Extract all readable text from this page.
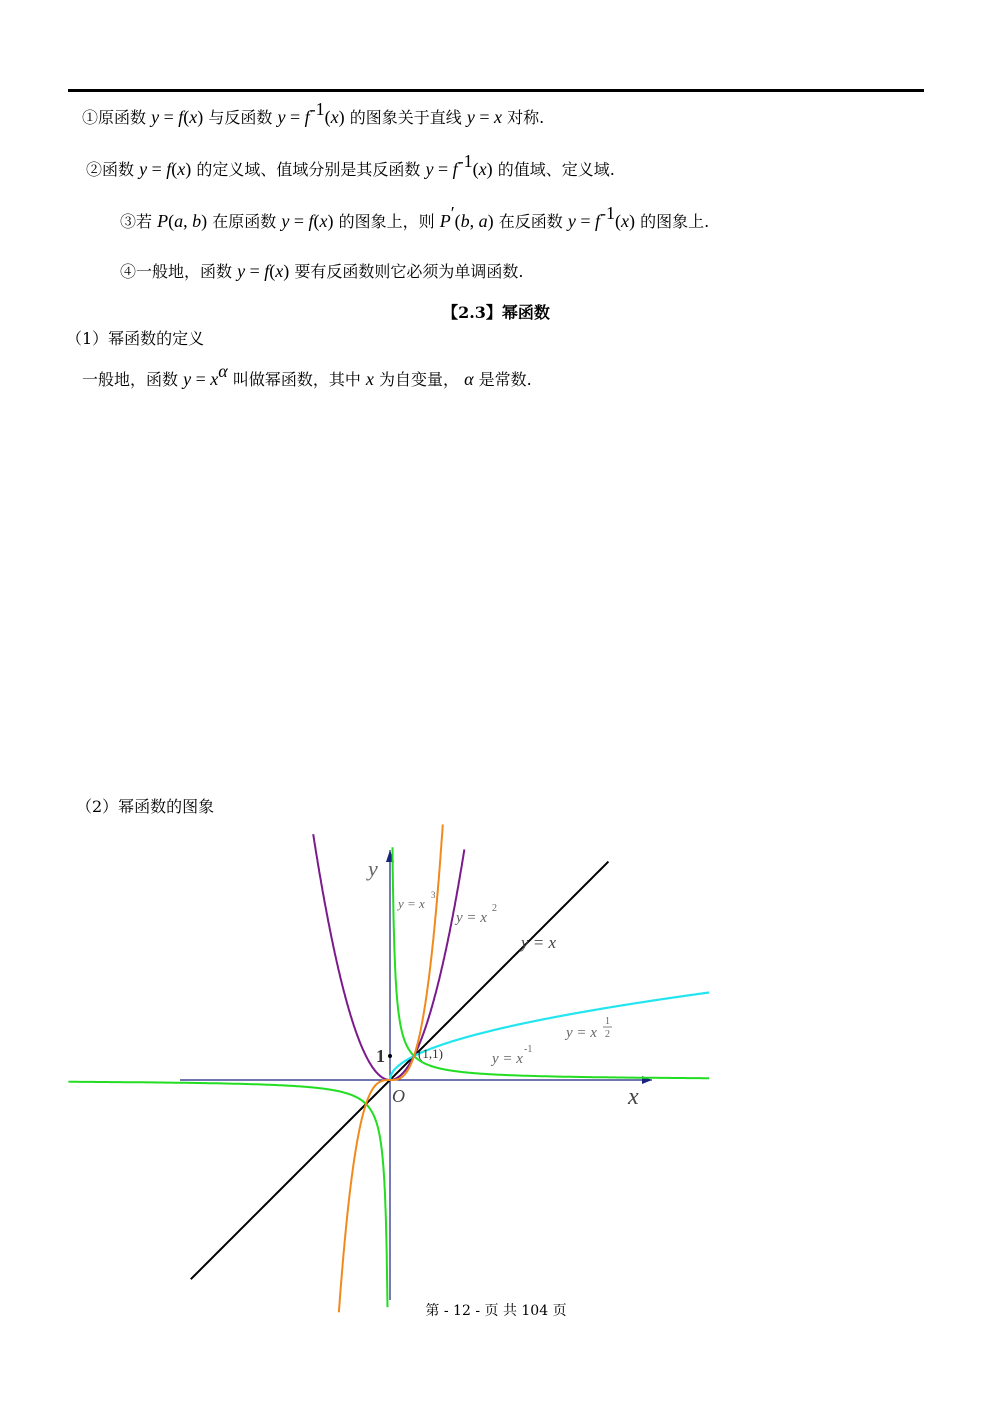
①原函数 y = f(x) 与反函数 $y = f^{-1}(x)$ 的图象关于直线 y = x 对称.
②函数 y = f(x) 的定义域、值域分别是其反函数 $y = f^{-1}(x)$ 的值域、定义域.
③若 P(a, b) 在原函数 y = f(x) 的图象上，则 P′(b, a) 在反函数 $y = f^{-1}(x)$ 的图象上.
④一般地，函数 y = f(x) 要有反函数则它必须为单调函数.
【2.3】幂函数
（1）幂函数的定义
一般地，函数 $y = x^\alpha$ 叫做幂函数，其中 x 为自变量， α 是常数.
（2）幂函数的图象
y
x
O
1	(1,1)
y = x
3
y = x
2
y = x
y = x
1
2
y = x
-1
第 - 12 - 页 共 104 页
